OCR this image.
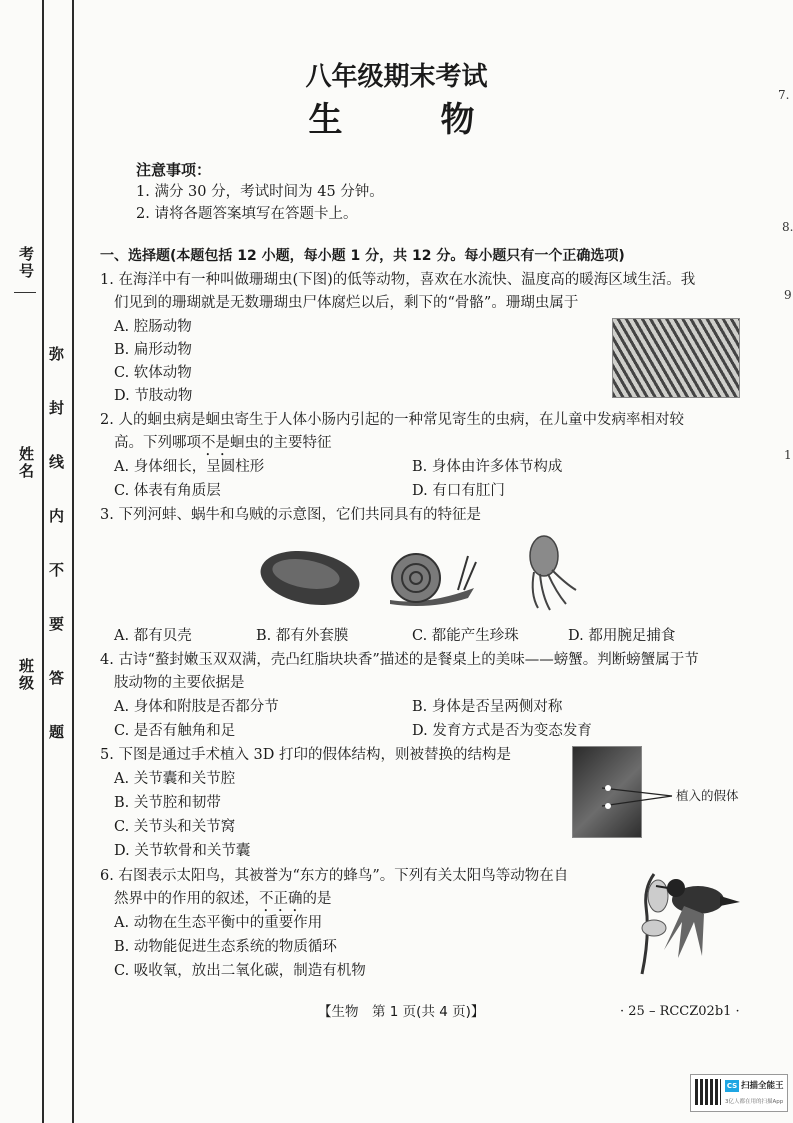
考号
姓名
班级 弥　封　线　内　不　要　答　题
7.
8.
9
1
八年级期末考试
生　　物
注意事项：
1. 满分 30 分，考试时间为 45 分钟。
2. 请将各题答案填写在答题卡上。
一、选择题(本题包括 12 小题，每小题 1 分，共 12 分。每小题只有一个正确选项)
1. 在海洋中有一种叫做珊瑚虫(下图)的低等动物，喜欢在水流快、温度高的暖海区域生活。我
们见到的珊瑚就是无数珊瑚虫尸体腐烂以后，剩下的“骨骼”。珊瑚虫属于
A. 腔肠动物
B. 扁形动物
C. 软体动物
D. 节肢动物
2. 人的蛔虫病是蛔虫寄生于人体小肠内引起的一种常见寄生的虫病，在儿童中发病率相对较
高。下列哪项不是蛔虫的主要特征
A. 身体细长，呈圆柱形	B. 身体由许多体节构成
C. 体表有角质层	D. 有口有肛门
3. 下列河蚌、蜗牛和乌贼的示意图，它们共同具有的特征是
A. 都有贝壳	B. 都有外套膜	C. 都能产生珍珠	D. 都用腕足捕食
4. 古诗“螯封嫩玉双双满，壳凸红脂块块香”描述的是餐桌上的美味——螃蟹。判断螃蟹属于节
肢动物的主要依据是
A. 身体和附肢是否都分节	B. 身体是否呈两侧对称
C. 是否有触角和足	D. 发育方式是否为变态发育
5. 下图是通过手术植入 3D 打印的假体结构，则被替换的结构是
A. 关节囊和关节腔
B. 关节腔和韧带
C. 关节头和关节窝
D. 关节软骨和关节囊
植入的假体
6. 右图表示太阳鸟，其被誉为“东方的蜂鸟”。下列有关太阳鸟等动物在自
然界中的作用的叙述，不正确的是
A. 动物在生态平衡中的重要作用
B. 动物能促进生态系统的物质循环
C. 吸收氧，放出二氧化碳，制造有机物
【生物　第 1 页(共 4 页)】	· 25 – RCCZ02b1 ·
CS 扫描全能王
3亿人都在用的扫描App
